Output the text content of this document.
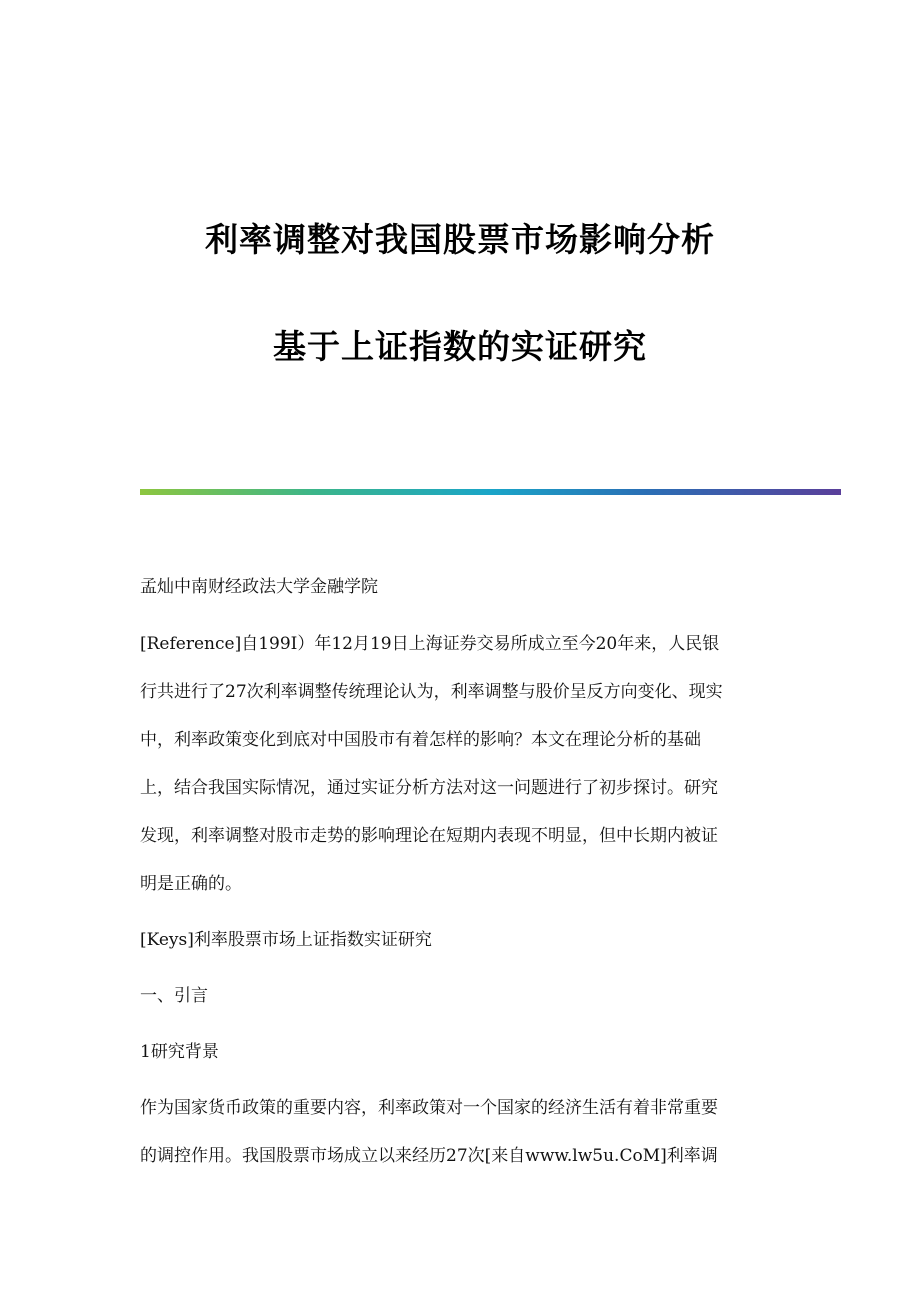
利率调整对我国股票市场影响分析
基于上证指数的实证研究

孟灿中南财经政法大学金融学院

[Reference]自199I）年12月19日上海证券交易所成立至今20年来，人民银

行共进行了27次利率调整传统理论认为，利率调整与股价呈反方向变化、现实

中，利率政策变化到底对中国股市有着怎样的影响？本文在理论分析的基础

上，结合我国实际情况，通过实证分析方法对这一问题进行了初步探讨。研究

发现，利率调整对股市走势的影响理论在短期内表现不明显，但中长期内被证

明是正确的。

[Keys]利率股票市场上证指数实证研究

一、引言

1研究背景

作为国家货币政策的重要内容，利率政策对一个国家的经济生活有着非常重要

的调控作用。我国股票市场成立以来经历27次[来自www.lw5u.CoM]利率调
